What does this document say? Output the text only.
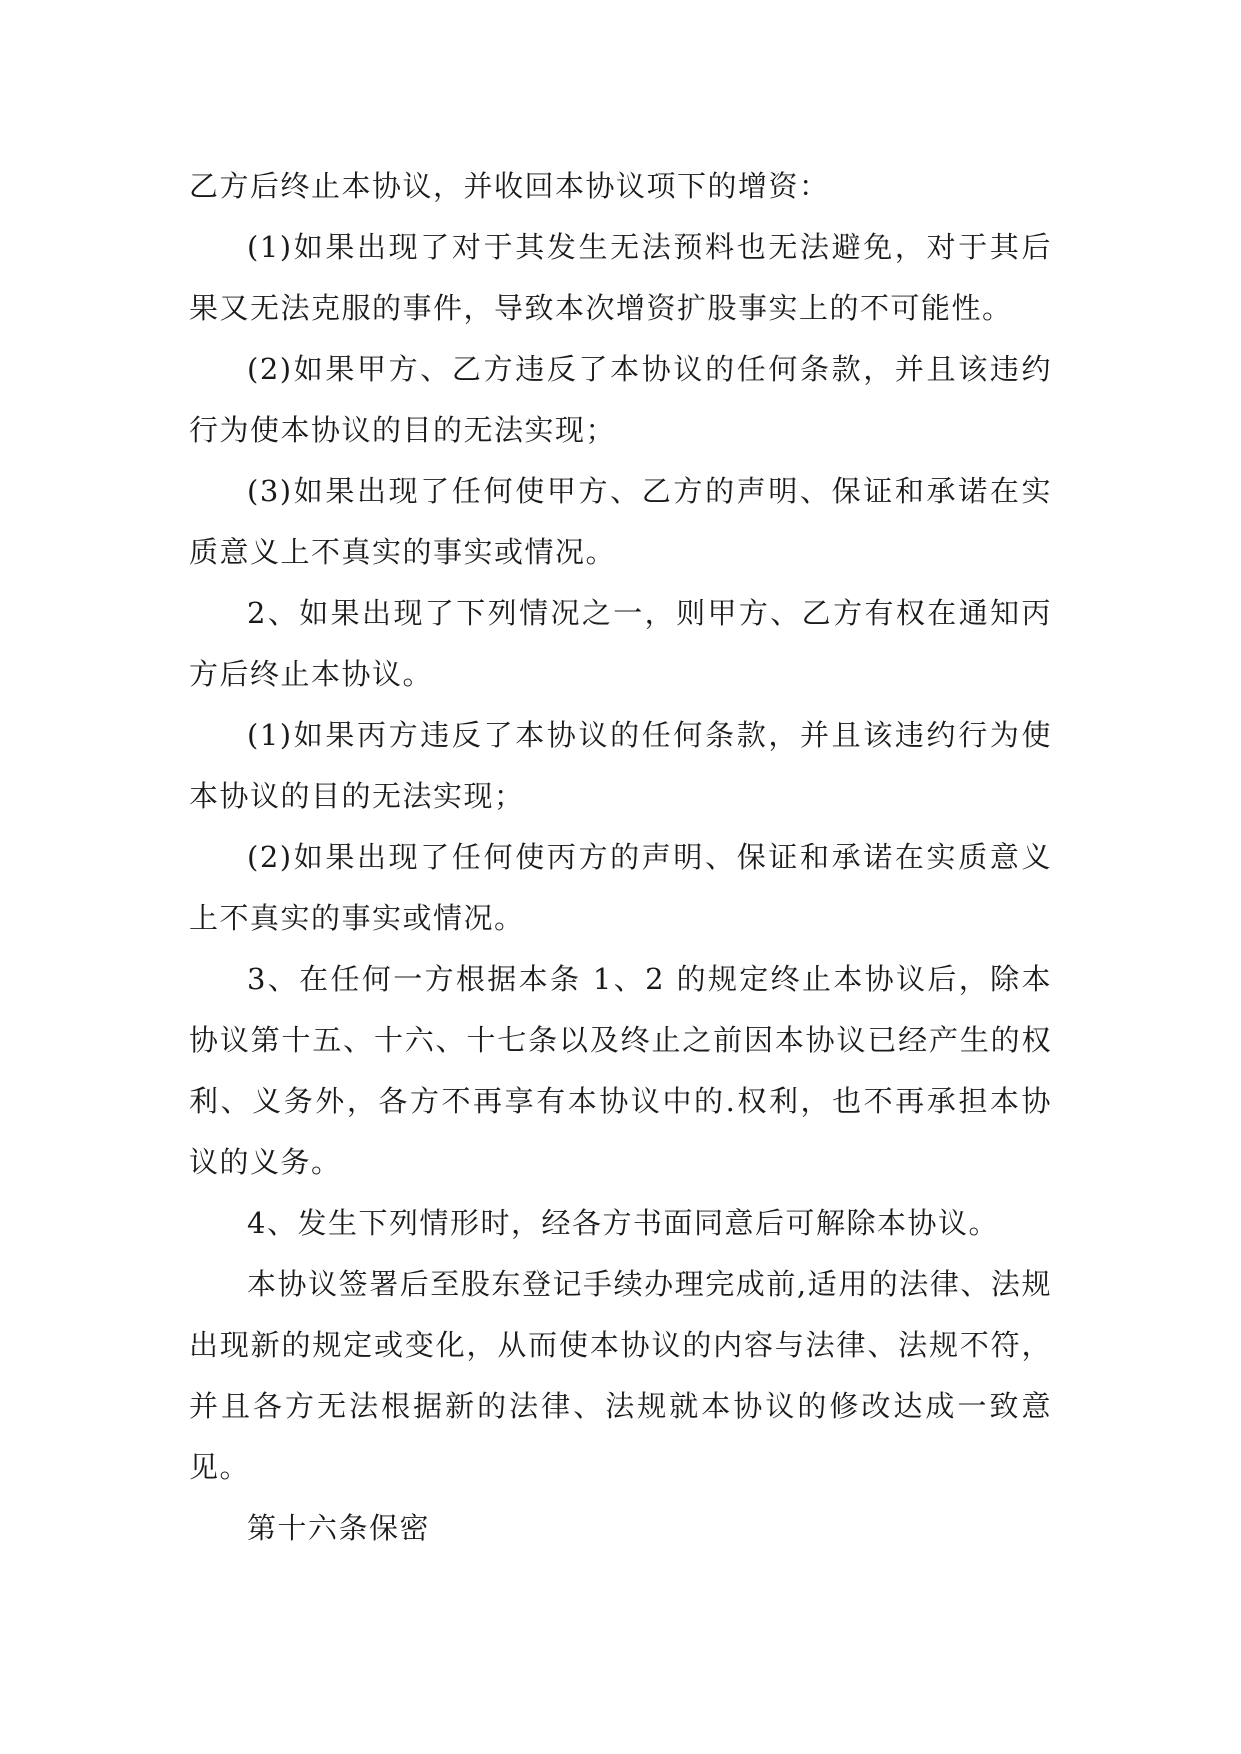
乙方后终止本协议，并收回本协议项下的增资：

(1)如果出现了对于其发生无法预料也无法避免，对于其后果又无法克服的事件，导致本次增资扩股事实上的不可能性。

(2)如果甲方、乙方违反了本协议的任何条款，并且该违约行为使本协议的目的无法实现；

(3)如果出现了任何使甲方、乙方的声明、保证和承诺在实质意义上不真实的事实或情况。

2、如果出现了下列情况之一，则甲方、乙方有权在通知丙方后终止本协议。

(1)如果丙方违反了本协议的任何条款，并且该违约行为使本协议的目的无法实现；

(2)如果出现了任何使丙方的声明、保证和承诺在实质意义上不真实的事实或情况。

3、在任何一方根据本条 1、2 的规定终止本协议后，除本协议第十五、十六、十七条以及终止之前因本协议已经产生的权利、义务外，各方不再享有本协议中的.权利，也不再承担本协议的义务。

4、发生下列情形时，经各方书面同意后可解除本协议。

本协议签署后至股东登记手续办理完成前,适用的法律、法规出现新的规定或变化，从而使本协议的内容与法律、法规不符，并且各方无法根据新的法律、法规就本协议的修改达成一致意见。

第十六条保密
